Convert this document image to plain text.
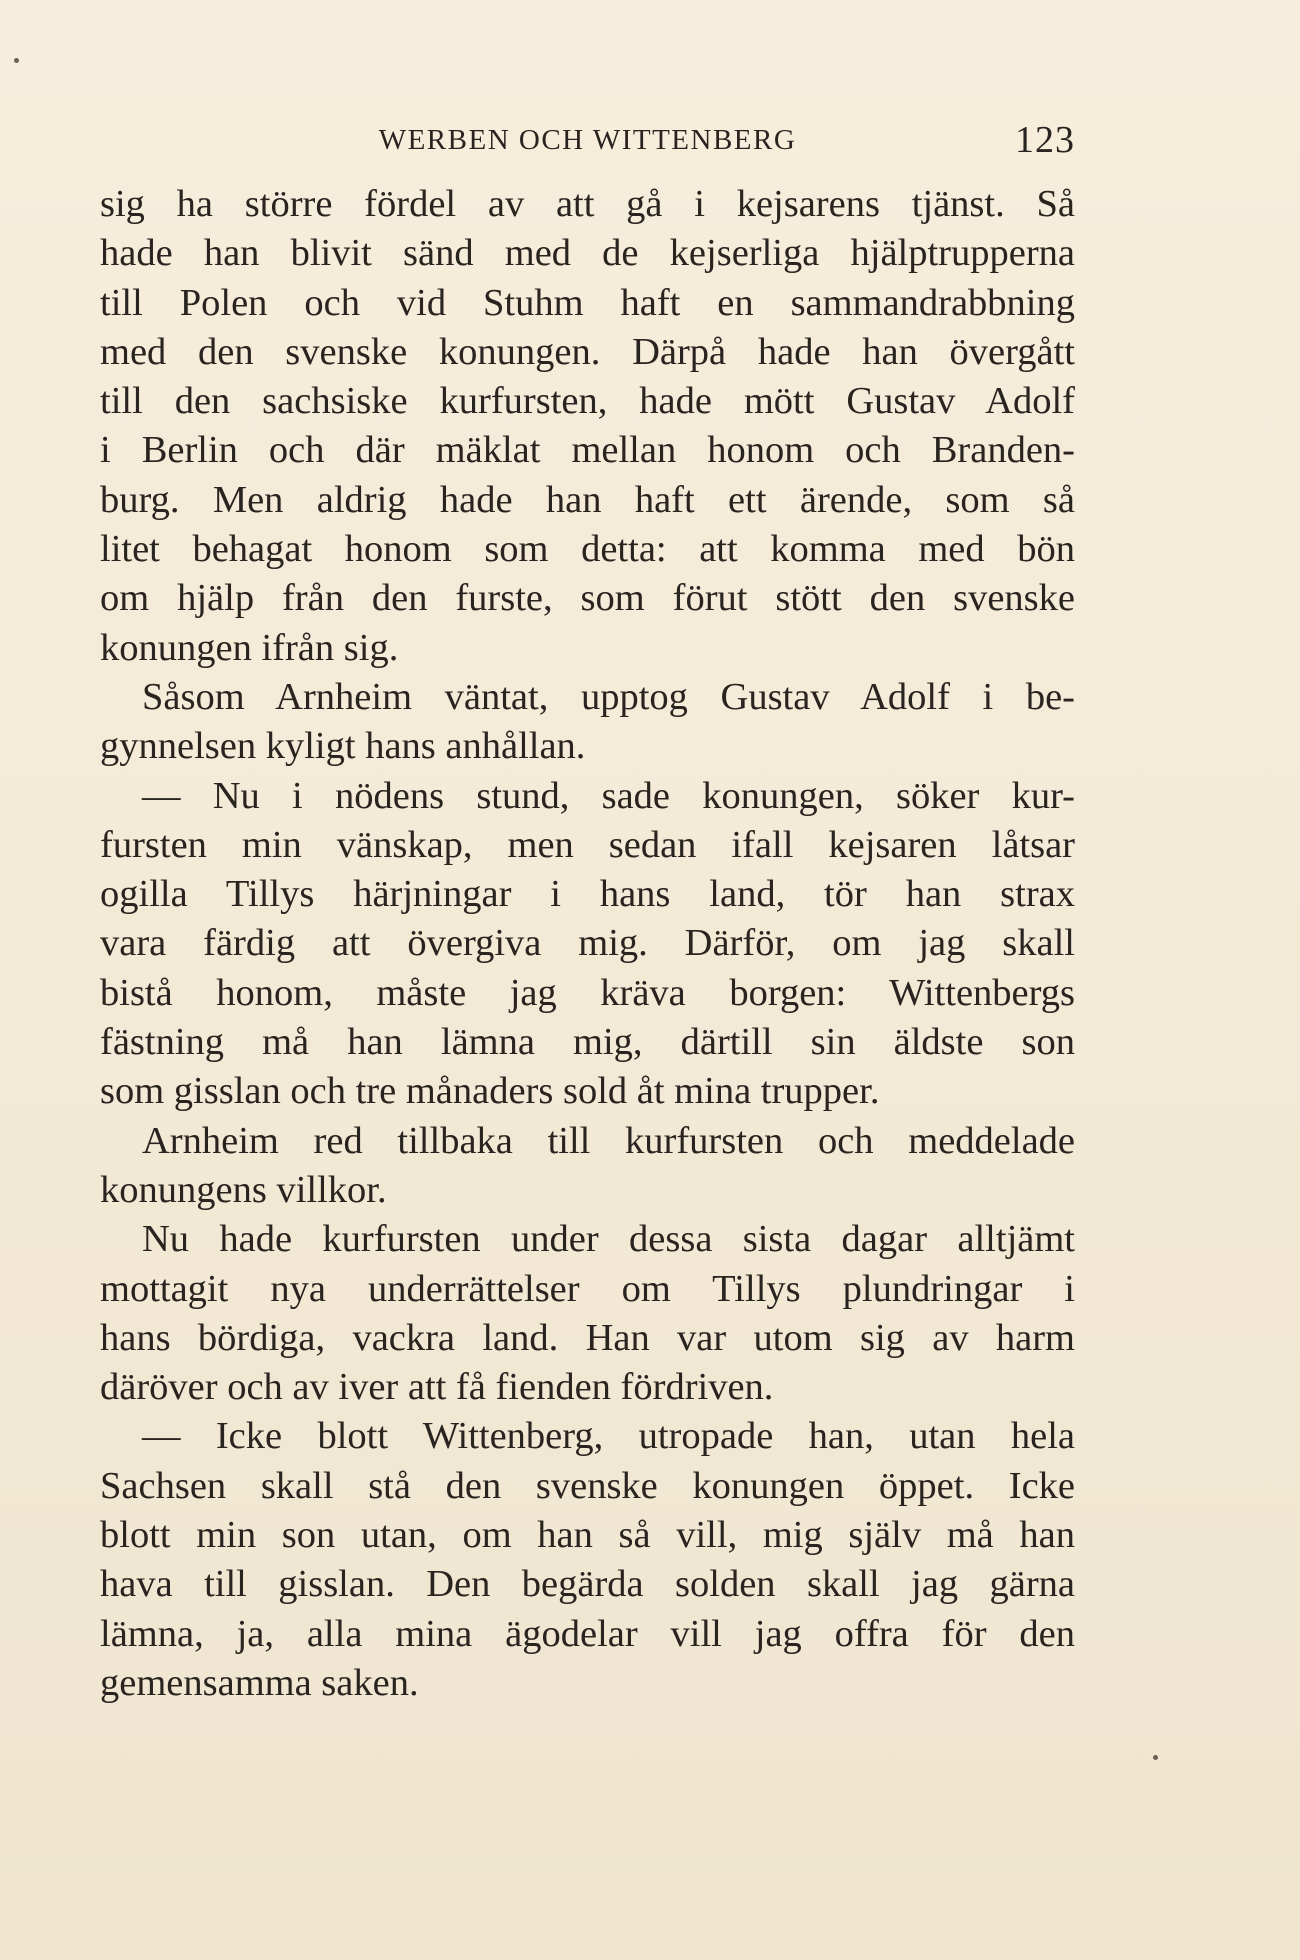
WERBEN OCH WITTENBERG	123
sig ha större fördel av att gå i kejsarens tjänst. Så
hade han blivit sänd med de kejserliga hjälptrupperna
till Polen och vid Stuhm haft en sammandrabbning
med den svenske konungen. Därpå hade han övergått
till den sachsiske kurfursten, hade mött Gustav Adolf
i Berlin och där mäklat mellan honom och Branden-
burg. Men aldrig hade han haft ett ärende, som så
litet behagat honom som detta: att komma med bön
om hjälp från den furste, som förut stött den svenske
konungen ifrån sig.
Såsom Arnheim väntat, upptog Gustav Adolf i be-
gynnelsen kyligt hans anhållan.
— Nu i nödens stund, sade konungen, söker kur-
fursten min vänskap, men sedan ifall kejsaren låtsar
ogilla Tillys härjningar i hans land, tör han strax
vara färdig att övergiva mig. Därför, om jag skall
bistå honom, måste jag kräva borgen: Wittenbergs
fästning må han lämna mig, därtill sin äldste son
som gisslan och tre månaders sold åt mina trupper.
Arnheim red tillbaka till kurfursten och meddelade
konungens villkor.
Nu hade kurfursten under dessa sista dagar alltjämt
mottagit nya underrättelser om Tillys plundringar i
hans bördiga, vackra land. Han var utom sig av harm
däröver och av iver att få fienden fördriven.
— Icke blott Wittenberg, utropade han, utan hela
Sachsen skall stå den svenske konungen öppet. Icke
blott min son utan, om han så vill, mig själv må han
hava till gisslan. Den begärda solden skall jag gärna
lämna, ja, alla mina ägodelar vill jag offra för den
gemensamma saken.
